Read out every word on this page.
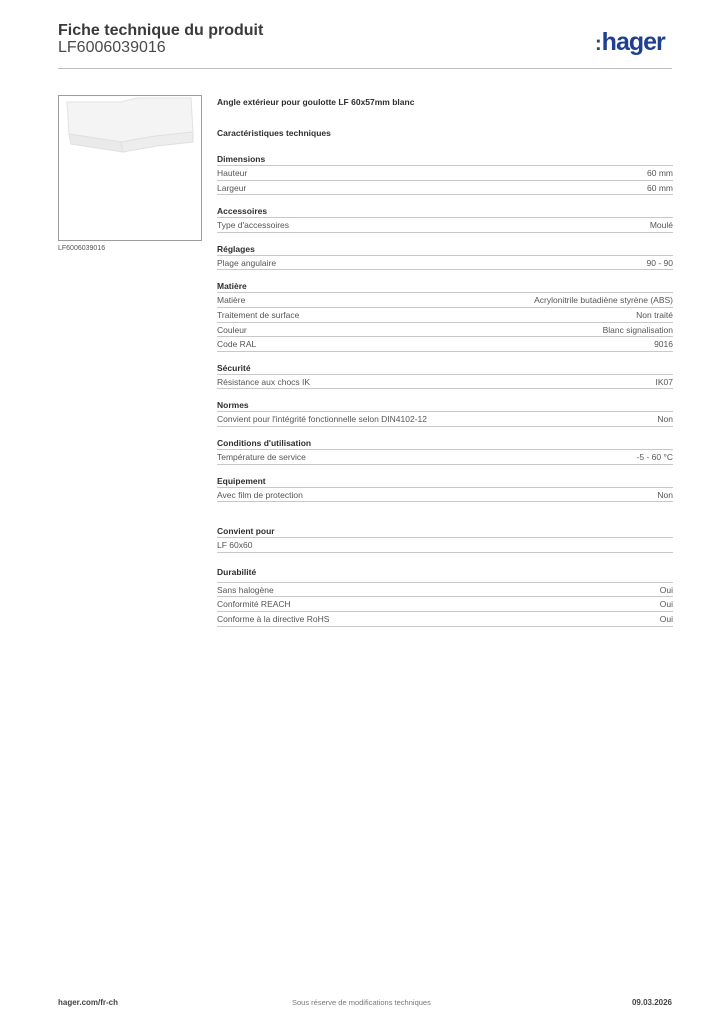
Fiche technique du produit
LF6006039016	:hager
LF6006039016
Angle extérieur pour goulotte LF 60x57mm blanc
Caractéristiques techniques
Dimensions
Hauteur	60 mm
Largeur	60 mm
Accessoires
Type d'accessoires	Moulé
Réglages
Plage angulaire	90 - 90
Matière
Matière	Acrylonitrile butadiène styrène (ABS)
Traitement de surface	Non traité
Couleur	Blanc signalisation
Code RAL	9016
Sécurité
Résistance aux chocs IK	IK07
Normes
Convient pour l'intégrité fonctionnelle selon DIN4102-12	Non
Conditions d'utilisation
Température de service	-5 - 60 °C
Equipement
Avec film de protection	Non
Convient pour
LF 60x60
Durabilité
Sans halogène	Oui
Conformité REACH	Oui
Conforme à la directive RoHS	Oui
hager.com/fr-ch	Sous réserve de modifications techniques	09.03.2026
